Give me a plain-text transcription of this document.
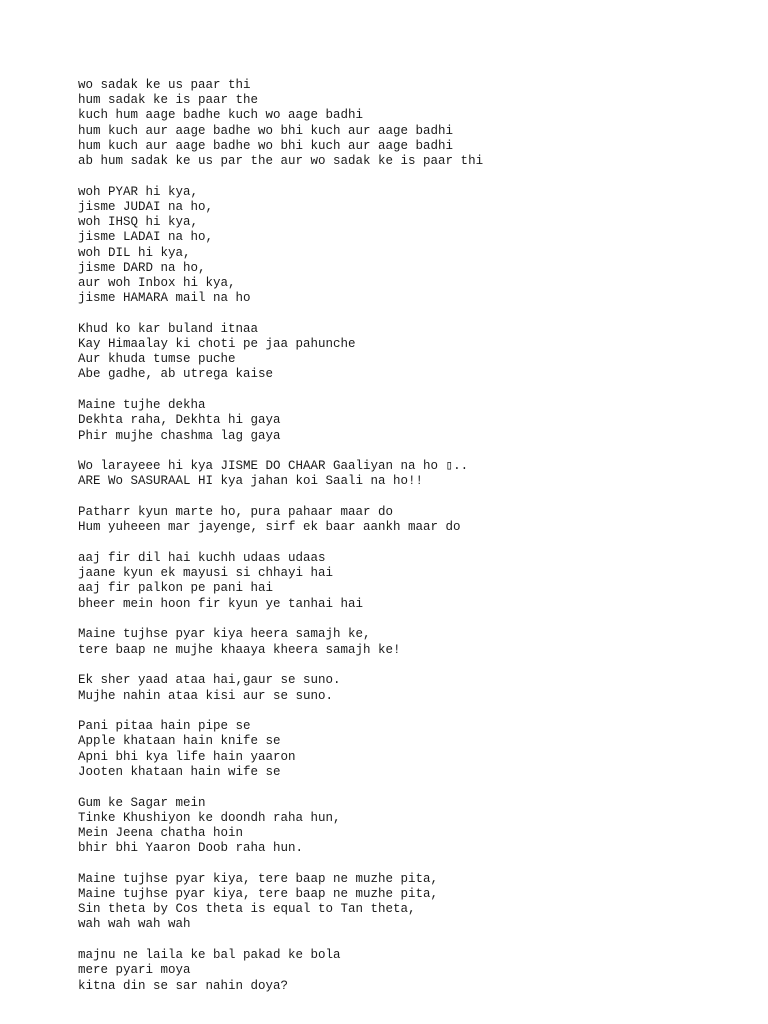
wo sadak ke us paar thi
hum sadak ke is paar the
kuch hum aage badhe kuch wo aage badhi
hum kuch aur aage badhe wo bhi kuch aur aage badhi
hum kuch aur aage badhe wo bhi kuch aur aage badhi
ab hum sadak ke us par the aur wo sadak ke is paar thi
woh PYAR hi kya,
jisme JUDAI na ho,
woh IHSQ hi kya,
jisme LADAI na ho,
woh DIL hi kya,
jisme DARD na ho,
aur woh Inbox hi kya,
jisme HAMARA mail na ho
Khud ko kar buland itnaa
Kay Himaalay ki choti pe jaa pahunche
Aur khuda tumse puche
Abe gadhe, ab utrega kaise
Maine tujhe dekha
Dekhta raha, Dekhta hi gaya
Phir mujhe chashma lag gaya
Wo larayeee hi kya JISME DO CHAAR Gaaliyan na ho ▯..
ARE Wo SASURAAL HI kya jahan koi Saali na ho!!
Patharr kyun marte ho, pura pahaar maar do
Hum yuheeen mar jayenge, sirf ek baar aankh maar do
aaj fir dil hai kuchh udaas udaas
jaane kyun ek mayusi si chhayi hai
aaj fir palkon pe pani hai
bheer mein hoon fir kyun ye tanhai hai
Maine tujhse pyar kiya heera samajh ke,
tere baap ne mujhe khaaya kheera samajh ke!
Ek sher yaad ataa hai,gaur se suno.
Mujhe nahin ataa kisi aur se suno.
Pani pitaa hain pipe se
Apple khataan hain knife se
Apni bhi kya life hain yaaron
Jooten khataan hain wife se
Gum ke Sagar mein
Tinke Khushiyon ke doondh raha hun,
Mein Jeena chatha hoin
bhir bhi Yaaron Doob raha hun.
Maine tujhse pyar kiya, tere baap ne muzhe pita,
Maine tujhse pyar kiya, tere baap ne muzhe pita,
Sin theta by Cos theta is equal to Tan theta,
wah wah wah wah
majnu ne laila ke bal pakad ke bola
mere pyari moya
kitna din se sar nahin doya?
